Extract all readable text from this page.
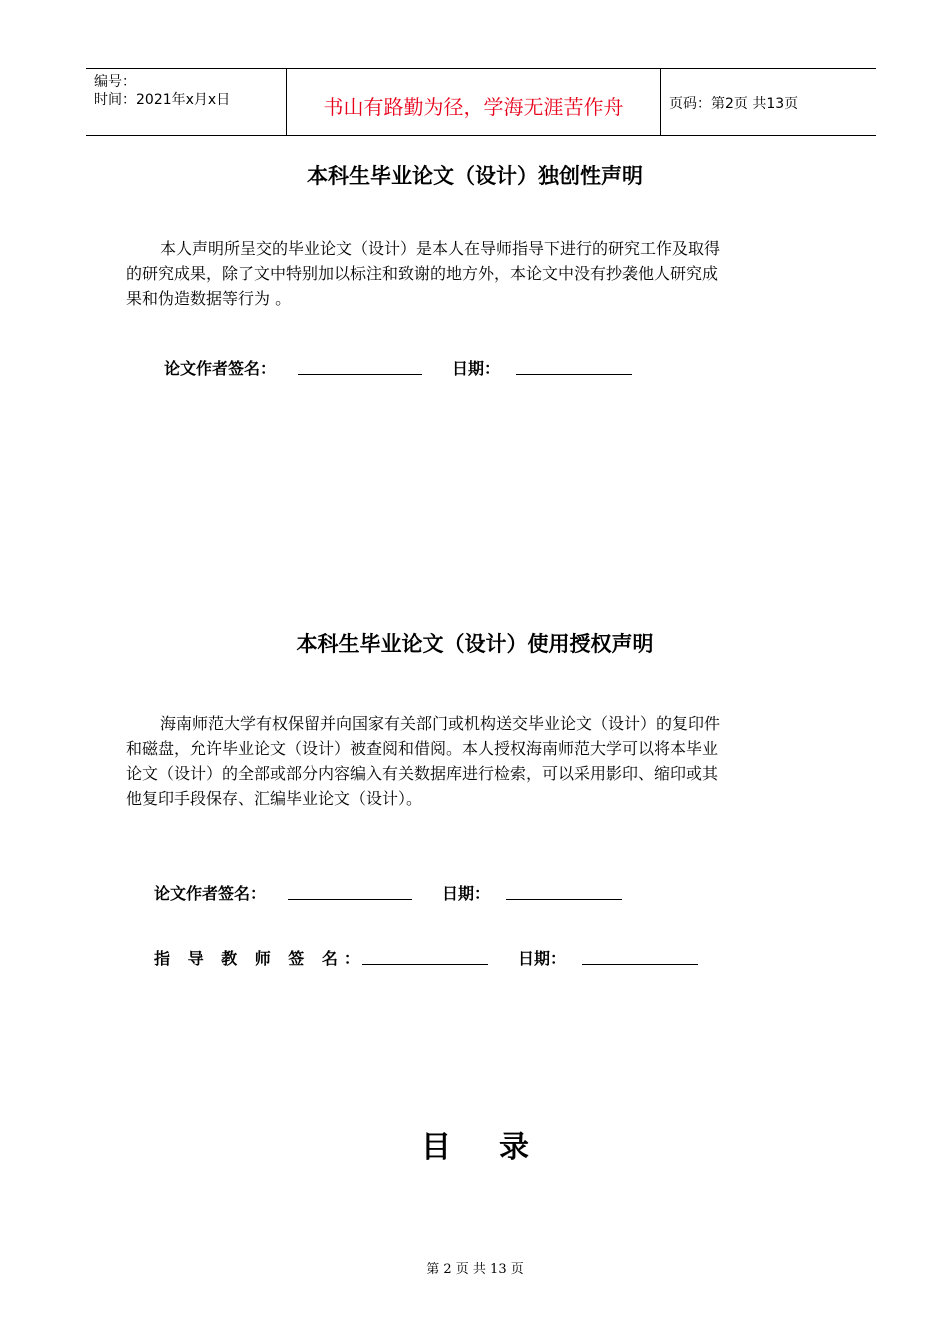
编号：
时间：2021年x月x日	书山有路勤为径，学海无涯苦作舟	页码：第2页 共13页
本科生毕业论文（设计）独创性声明
本人声明所呈交的毕业论文（设计）是本人在导师指导下进行的研究工作及取得
的研究成果，除了文中特别加以标注和致谢的地方外，本论文中没有抄袭他人研究成
果和伪造数据等行为 。
论文作者签名：	日期：
本科生毕业论文（设计）使用授权声明
海南师范大学有权保留并向国家有关部门或机构送交毕业论文（设计）的复印件
和磁盘，允许毕业论文（设计）被查阅和借阅。本人授权海南师范大学可以将本毕业
论文（设计）的全部或部分内容编入有关数据库进行检索，可以采用影印、缩印或其
他复印手段保存、汇编毕业论文（设计）。
论文作者签名：	日期：
指 导 教 师 签 名：	日期：
目录
第 2 页 共 13 页
